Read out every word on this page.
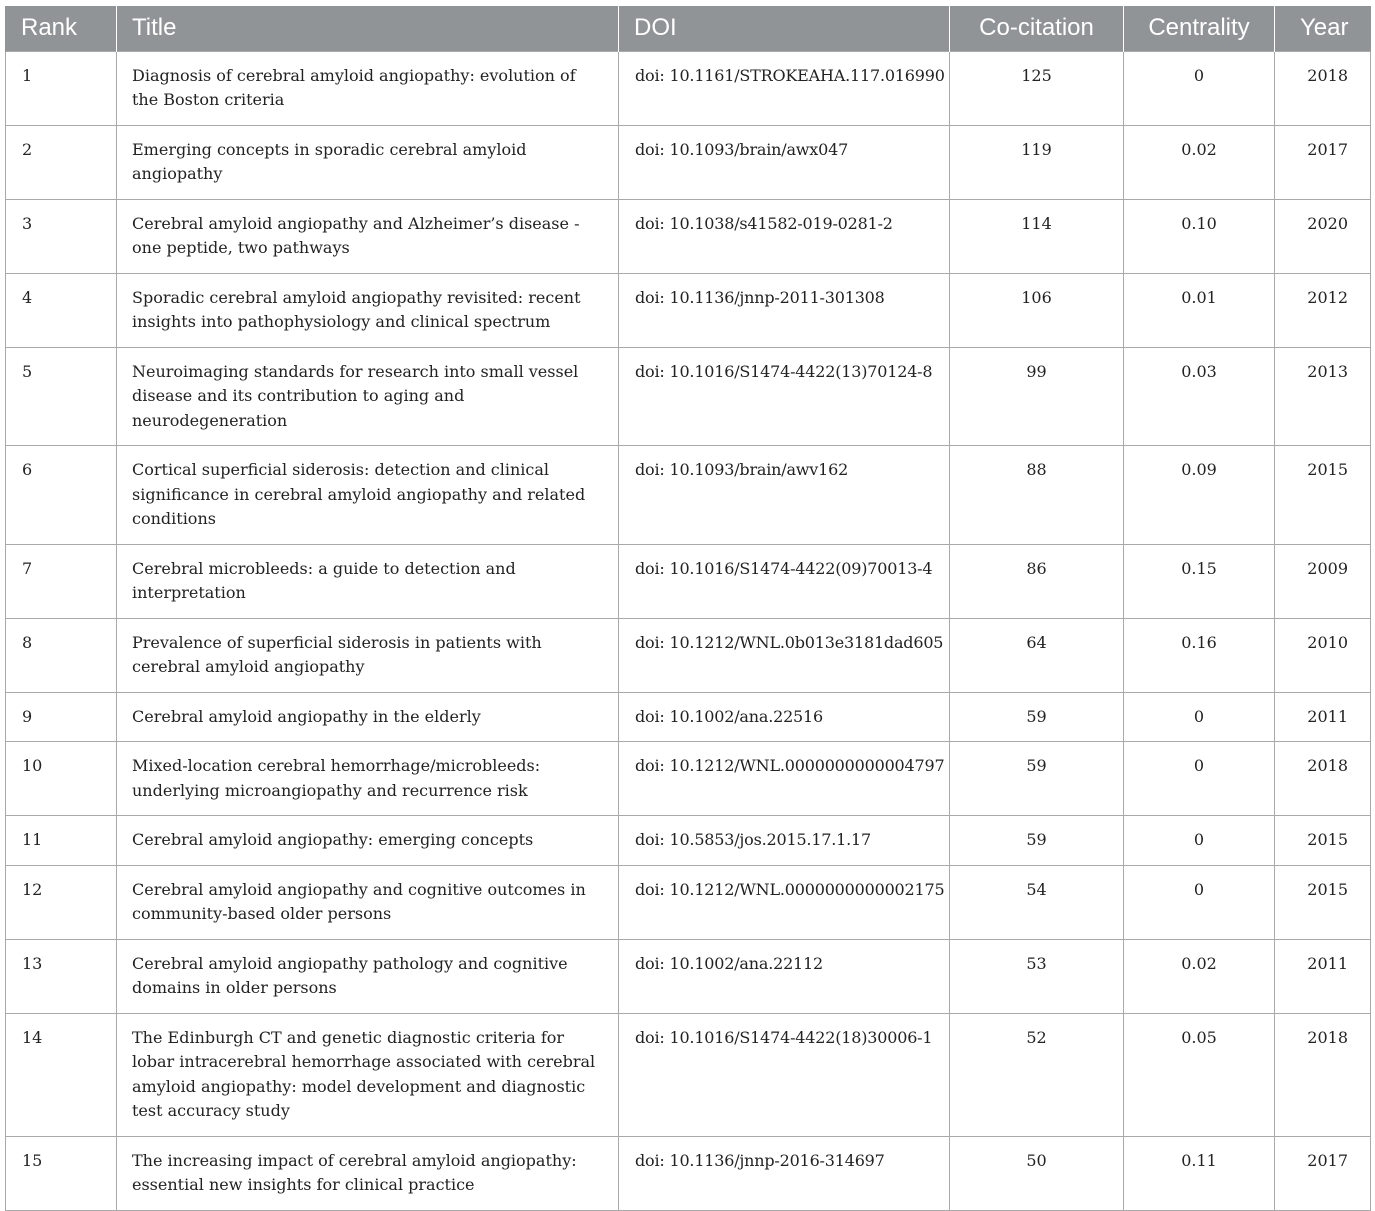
Rank	Title	DOI	Co-citation	Centrality	Year
1	Diagnosis of cerebral amyloid angiopathy: evolution of the Boston criteria	doi: 10.1161/STROKEAHA.117.016990	125	0	2018
2	Emerging concepts in sporadic cerebral amyloid angiopathy	doi: 10.1093/brain/awx047	119	0.02	2017
3	Cerebral amyloid angiopathy and Alzheimer’s disease - one peptide, two pathways	doi: 10.1038/s41582-019-0281-2	114	0.10	2020
4	Sporadic cerebral amyloid angiopathy revisited: recent insights into pathophysiology and clinical spectrum	doi: 10.1136/jnnp-2011-301308	106	0.01	2012
5	Neuroimaging standards for research into small vessel disease and its contribution to aging and neurodegeneration	doi: 10.1016/S1474-4422(13)70124-8	99	0.03	2013
6	Cortical superficial siderosis: detection and clinical significance in cerebral amyloid angiopathy and related conditions	doi: 10.1093/brain/awv162	88	0.09	2015
7	Cerebral microbleeds: a guide to detection and interpretation	doi: 10.1016/S1474-4422(09)70013-4	86	0.15	2009
8	Prevalence of superficial siderosis in patients with cerebral amyloid angiopathy	doi: 10.1212/WNL.0b013e3181dad605	64	0.16	2010
9	Cerebral amyloid angiopathy in the elderly	doi: 10.1002/ana.22516	59	0	2011
10	Mixed-location cerebral hemorrhage/microbleeds: underlying microangiopathy and recurrence risk	doi: 10.1212/WNL.0000000000004797	59	0	2018
11	Cerebral amyloid angiopathy: emerging concepts	doi: 10.5853/jos.2015.17.1.17	59	0	2015
12	Cerebral amyloid angiopathy and cognitive outcomes in community-based older persons	doi: 10.1212/WNL.0000000000002175	54	0	2015
13	Cerebral amyloid angiopathy pathology and cognitive domains in older persons	doi: 10.1002/ana.22112	53	0.02	2011
14	The Edinburgh CT and genetic diagnostic criteria for lobar intracerebral hemorrhage associated with cerebral amyloid angiopathy: model development and diagnostic test accuracy study	doi: 10.1016/S1474-4422(18)30006-1	52	0.05	2018
15	The increasing impact of cerebral amyloid angiopathy: essential new insights for clinical practice	doi: 10.1136/jnnp-2016-314697	50	0.11	2017
